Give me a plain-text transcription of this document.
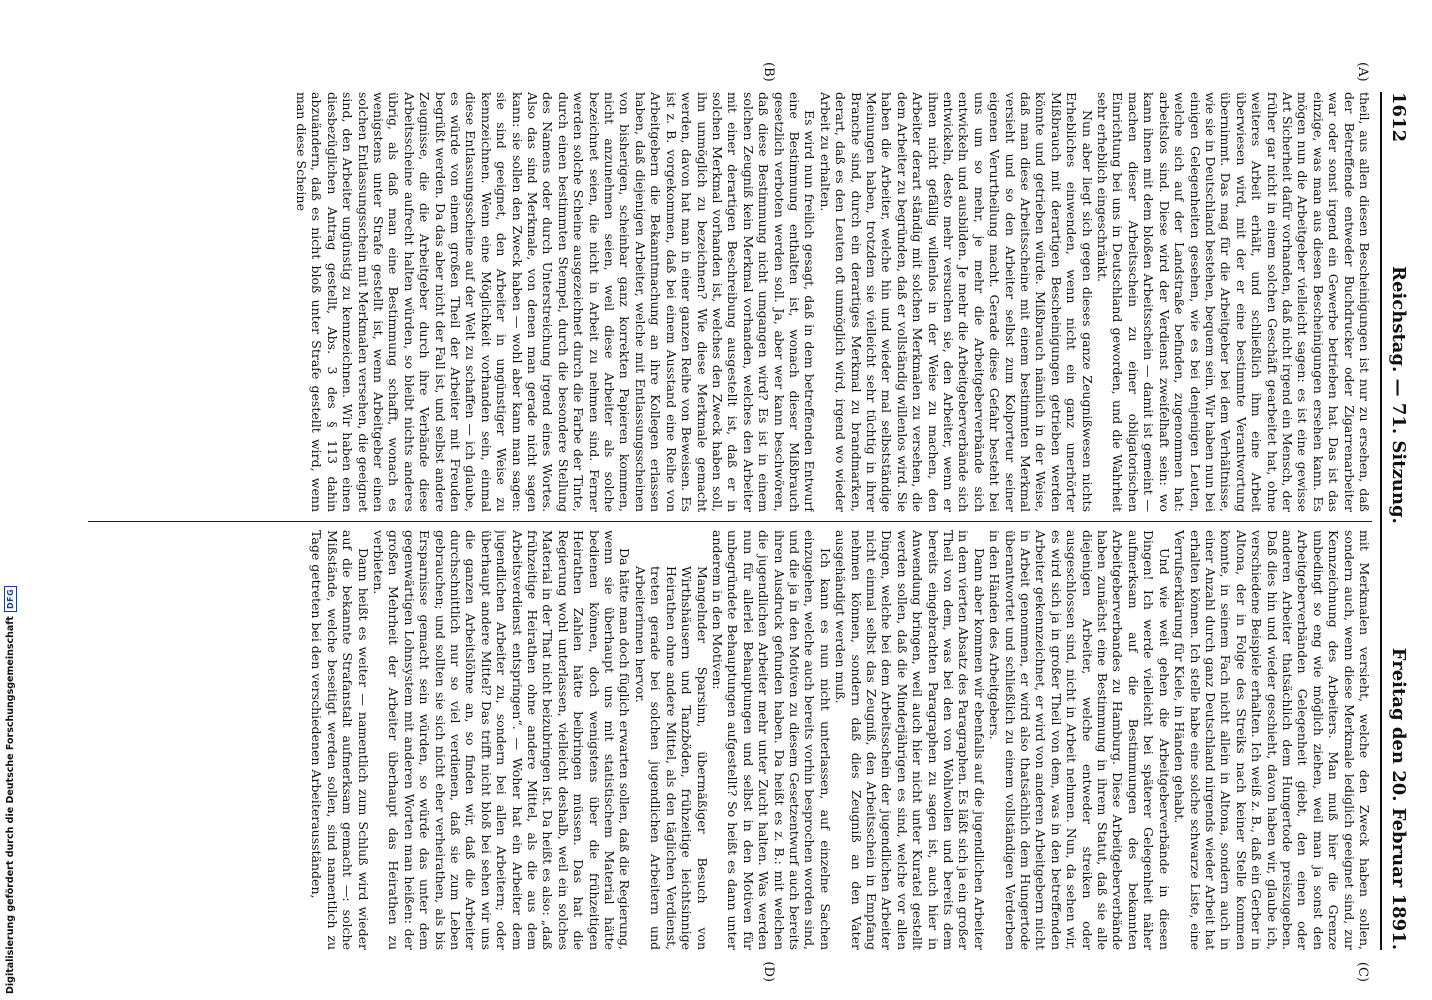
1612
Reichstag. — 71. Sitzung.
Freitag den 20. Februar 1891.
(A)
(B)
(C)
(D)

theil, aus allen diesen Bescheinigungen ist nur zu ersehen, daß der Betreffende entweder Buchdrucker oder Zigarrenarbeiter war oder sonst irgend ein Gewerbe betrieben hat. Das ist das einzige, was man aus diesen Bescheinigungen ersehen kann. Es mögen nun die Arbeitgeber vielleicht sagen: es ist eine gewisse Art Sicherheit dafür vorhanden, daß nicht irgend ein Mensch, der früher gar nicht in einem solchen Geschäft gearbeitet hat, ohne weiteres Arbeit erhält, und schließlich ihm eine Arbeit überwiesen wird, mit der er eine bestimmte Verantwortung übernimmt. Das mag für die Arbeitgeber bei dem Verhältnisse, wie sie in Deutschland bestehen, bequem sein. Wir haben nun bei einigen Gelegenheiten gesehen, wie es bei denjenigen Leuten, welche sich auf der Landstraße befinden, zugenommen hat: arbeitslos sind. Diese wird der Verdienst zweifelhaft sein: wo kann ihnen mit dem bloßen Arbeitsschein — damit ist gemeint — machen dieser Arbeitsschein zu einer obligatorischen Einrichtung bei uns in Deutschland geworden, und die Wahrheit sehr erheblich eingeschränkt.

Nun aber liegt sich gegen dieses ganze Zeugnißwesen nichts Erhebliches einwenden, wenn nicht ein ganz unerhörter Mißbrauch mit derartigen Bescheinigungen getrieben werden könnte und getrieben würde. Mißbrauch nämlich in der Weise, daß man diese Arbeitsscheine mit einem bestimmten Merkmal versieht und so den Arbeiter selbst zum Kolporteur seiner eigenen Verurtheilung macht. Gerade diese Gefahr besteht bei uns um so mehr, je mehr die Arbeitgeberverbände sich entwickeln und ausbilden. Je mehr die Arbeitgeberverbände sich entwickeln, desto mehr versuchen sie, den Arbeiter, wenn er ihnen nicht gefällig willenlos in der Weise zu machen, den Arbeiter derart ständig mit solchen Merkmalen zu versehen, die dem Arbeiter zu begründen, daß er vollständig willenlos wird. Sie haben die Arbeiter, welche hin und wieder mal selbstständige Meinungen haben, trotzdem sie vielleicht sehr tüchtig in ihrer Branche sind, durch ein derartiges Merkmal zu brandmarken, derart, daß es den Leuten oft unmöglich wird, irgend wo wieder Arbeit zu erhalten.

Es wird nun freilich gesagt, daß in dem betreffenden Entwurf eine Bestimmung enthalten ist, wonach dieser Mißbrauch gesetzlich verboten werden soll. Ja, aber wer kann beschwören, daß diese Bestimmung nicht umgangen wird? Es ist in einem solchen Zeugniß kein Merkmal vorhanden, welches den Arbeiter mit einer derartigen Beschreibung ausgestellt ist, daß er in solchen Merkmal vorhanden ist, welches den Zweck haben soll, ihn unmöglich zu bezeichnen? Wie diese Merkmale gemacht werden, davon hat man in einer ganzen Reihe von Beweisen. Es ist z. B. vorgekommen, daß bei einem Ausstand eine Reihe von Arbeitgebern die Bekanntmachung an ihre Kollegen erlassen haben, daß diejenigen Arbeiter, welche mit Entlassungsscheinen von bisherigen, scheinbar ganz korrekten Papieren kommen, nicht anzunehmen seien, weil diese Arbeiter als solche bezeichnet seien, die nicht in Arbeit zu nehmen sind. Ferner werden solche Scheine ausgezeichnet durch die Farbe der Tinte, durch einen bestimmten Stempel, durch die besondere Stellung des Namens oder durch Unterstreichung irgend eines Wortes. Also das sind Merkmale, von denen man gerade nicht sagen kann: sie sollen den Zweck haben — wohl aber kann man sagen: sie sind geeignet, den Arbeiter in ungünstiger Weise zu kennzeichnen. Wenn eine Möglichkeit vorhanden sein, einmal diese Entlassungsscheine auf der Welt zu schaffen — ich glaube, es würde von einem großen Theil der Arbeiter mit Freuden begrüßt werden. Da das aber nicht der Fall ist, und selbst andere Zeugnisse, die die Arbeitgeber durch ihre Verbände diese Arbeitsscheine aufrecht halten würden, so bleibt nichts anderes übrig, als daß man eine Bestimmung schafft, wonach es wenigstens unter Strafe gestellt ist, wenn Arbeitgeber einen solchen Entlassungsschein mit Merkmalen versehen, die geeignet sind, den Arbeiter ungünstig zu kennzeichnen. Wir haben einen diesbezüglichen Antrag gestellt, Abs. 3 des § 113 dahin abzuändern, daß es nicht bloß unter Strafe gestellt wird, wenn man diese Scheine

mit Merkmalen versieht, welche den Zweck haben sollen, sondern auch, wenn diese Merkmale lediglich geeignet sind, zur Kennzeichnung des Arbeiters. Man muß hier die Grenze unbedingt so eng wie möglich ziehen, weil man ja sonst den Arbeitgeberverbänden Gelegenheit giebt, den einen oder anderen Arbeiter thatsächlich dem Hungertode preiszugeben. Daß dies hin und wieder geschieht, davon haben wir, glaube ich, verschiedene Beispiele erhalten. Ich weiß z. B., daß ein Gerber in Altona, der in Folge des Streiks nach keiner Stelle kommen konnte, in seinem Fach nicht allein in Altona, sondern auch in einer Anzahl durch ganz Deutschland nirgends wieder Arbeit hat erhalten können. Ich stelle habe eine solche schwarze Liste, eine Verrufserklärung für Kiele, in Händen gehabt.

Und wie weit gehen die Arbeitgeberverbände in diesen Dingen! Ich werde vielleicht bei späterer Gelegenheit näher aufmerksam auf die Bestimmungen des bekannten Arbeitgeberverbandes zu Hamburg. Diese Arbeitgeberverbände haben zunächst eine Bestimmung in ihrem Statut, daß sie alle diejenigen Arbeiter, welche entweder streiken oder ausgeschlossen sind, nicht in Arbeit nehmen. Nun, da sehen wir, es wird sich ja in großer Theil von dem, was in den betreffenden Arbeiter gekennzeichnet, er wird von anderen Arbeitgebern nicht in Arbeit genommen, er wird also thatsächlich dem Hungertode überantwortet und schließlich zu einem vollständigen Verderben in den Händen des Arbeitgebers.

Dann aber kommen wir ebenfalls auf die jugendlichen Arbeiter in dem vierten Absatz des Paragraphen. Es läßt sich ja ein großer Theil von dem, was bei den von Wohlwollen und bereits dem bereits eingebrachten Paragraphen zu sagen ist, auch hier in Anwendung bringen, weil auch hier nicht unter Kuratel gestellt werden sollen, daß die Minderjährigen es sind, welche vor allen Dingen, welche bei dem Arbeitsschein der jugendlichen Arbeiter nicht einmal selbst das Zeugniß, den Arbeitsschein in Empfang nehmen können, sondern daß dies Zeugniß an den Vater ausgehändigt werden muß.

Ich kann es nun nicht unterlassen, auf einzelne Sachen einzugehen, welche auch bereits vorhin besprochen worden sind, und die ja in den Motiven zu diesem Gesetzentwurf auch bereits ihren Ausdruck gefunden haben. Da heißt es z. B.: mit welchen die jugendlichen Arbeiter mehr unter Zucht halten. Was werden nun für allerlei Behauptungen und selbst in den Motiven für unbegründete Behauptungen aufgestellt? So heißt es dann unter anderem in den Motiven:

Mangelnder Sparsinn, übermäßiger Besuch von Wirthshäusern und Tanzböden, frühzeitige leichtsinnige Heirathen ohne andere Mittel, als den täglichen Verdienst, treten gerade bei solchen jugendlichen Arbeitern und Arbeiterinnen hervor.

Da hätte man doch füglich erwarten sollen, daß die Regierung, wenn sie überhaupt uns mit statistischem Material hätte bedienen können, doch wenigstens über die frühzeitigen Heirathen Zahlen hätte beibringen müssen. Das hat die Regierung wohl unterlassen, vielleicht deshalb, weil ein solches Material in der That nicht beizubringen ist. Da heißt es also: „daß frühzeitige Heirathen ohne andere Mittel, als die aus dem Arbeitsverdienst entspringen“. — Woher hat ein Arbeiter dem jugendlichen Arbeiter zu, sondern bei allen Arbeitern; oder überhaupt andere Mittel? Das trifft nicht bloß bei sehen wir uns die ganzen Arbeitslöhne an, so finden wir, daß die Arbeiter durchschnittlich nur so viel verdienen, daß sie zum Leben gebrauchen; und sollten sie sich nicht eher verheirathen, als bis Ersparnisse gemacht sein würden, so würde das unter dem gegenwärtigen Lohnsystem mit anderen Worten man heißen: der großen Mehrheit der Arbeiter überhaupt das Heirathen zu verbieten.

Dann heißt es weiter — namentlich zum Schluß wird wieder auf die bekannte Strafanstalt aufmerksam gemacht —: solche Mißstände, welche beseitigt werden sollen, sind namentlich zu Tage getreten bei den verschiedenen Arbeiterausständen,

Digitalisierung gefördert durch die Deutsche Forschungsgemeinschaft
DFG
